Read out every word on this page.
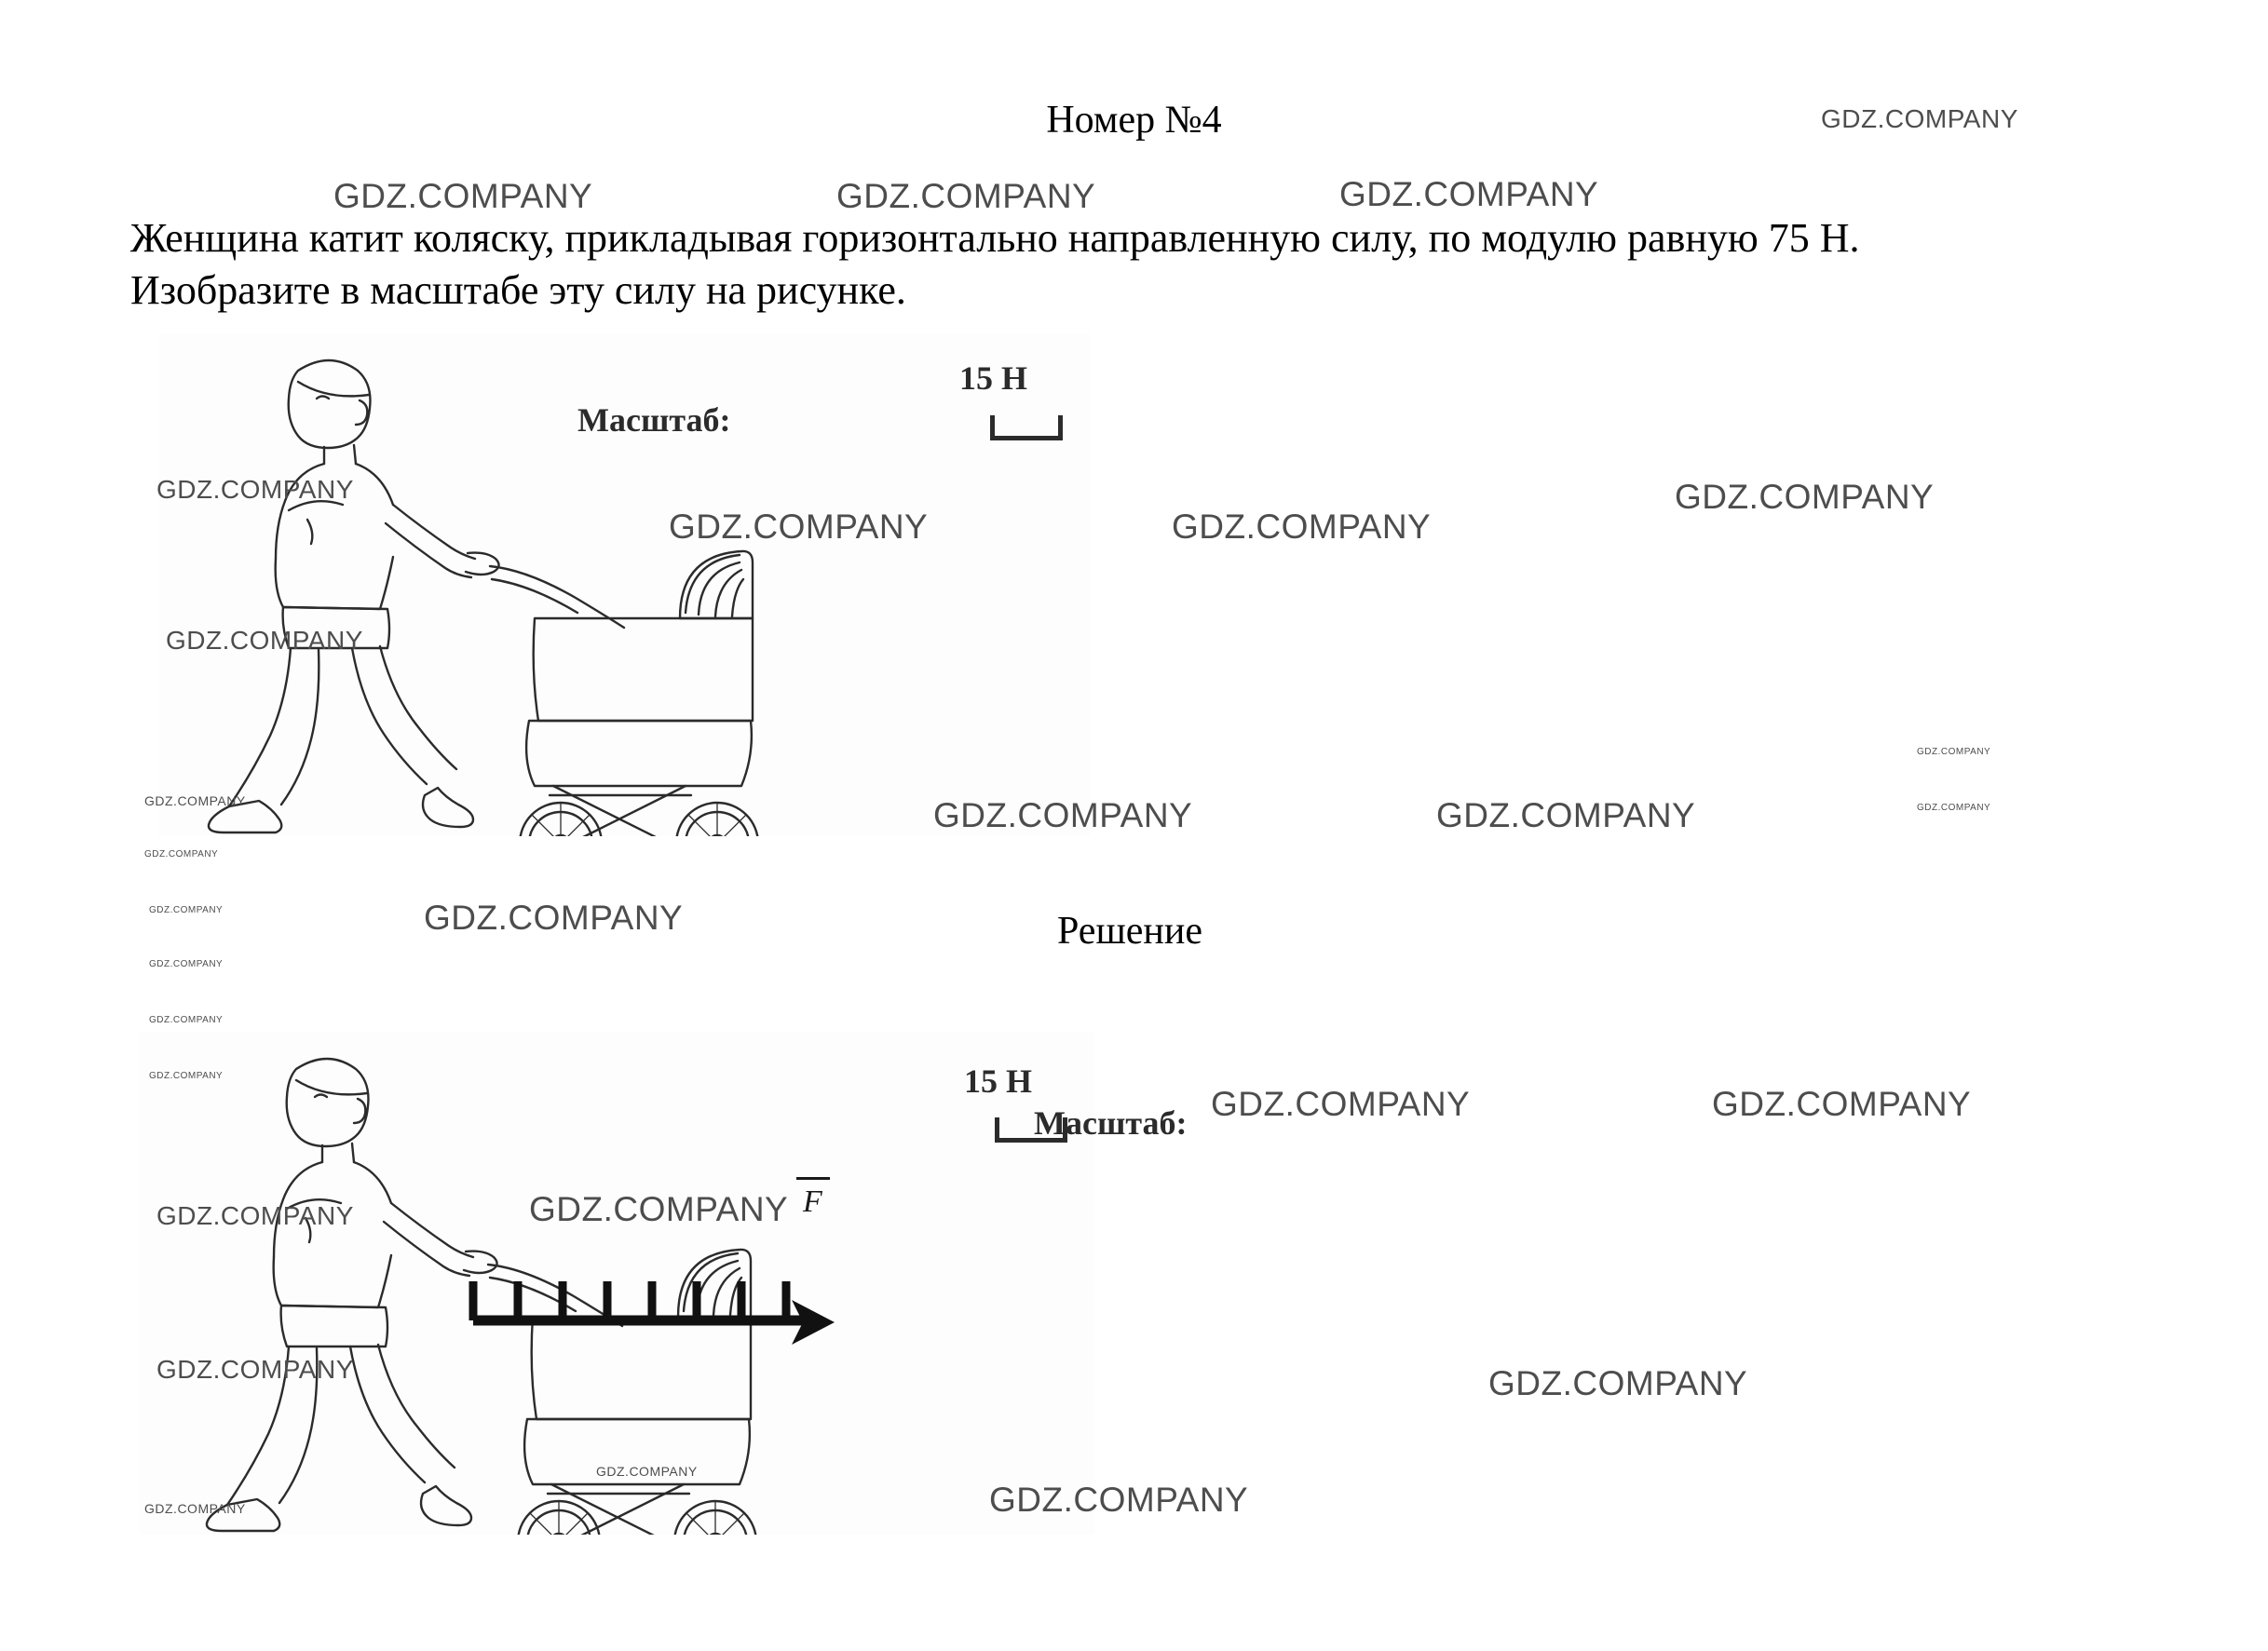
Номер №4
Женщина катит коляску, прикладывая горизонтально направленную силу, по модулю равную 75 Н. Изобразите в масштабе эту силу на рисунке.
Масштаб:
15 Н
Решение
Масштаб:
15 Н
F
GDZ.COMPANY
GDZ.COMPANY	GDZ.COMPANY	GDZ.COMPANY
GDZ.COMPANY
GDZ.COMPANY	GDZ.COMPANY
GDZ.COMPANY
GDZ.COMPANY
GDZ.COMPANY
GDZ.COMPANY	GDZ.COMPANY	GDZ.COMPANY
GDZ.COMPANY
GDZ.COMPANY
GDZ.COMPANY	GDZ.COMPANY
GDZ.COMPANY
GDZ.COMPANY
GDZ.COMPANY
GDZ.COMPANY	GDZ.COMPANY
GDZ.COMPANY	GDZ.COMPANY
GDZ.COMPANY	GDZ.COMPANY
GDZ.COMPANY
GDZ.COMPANY
GDZ.COMPANY
